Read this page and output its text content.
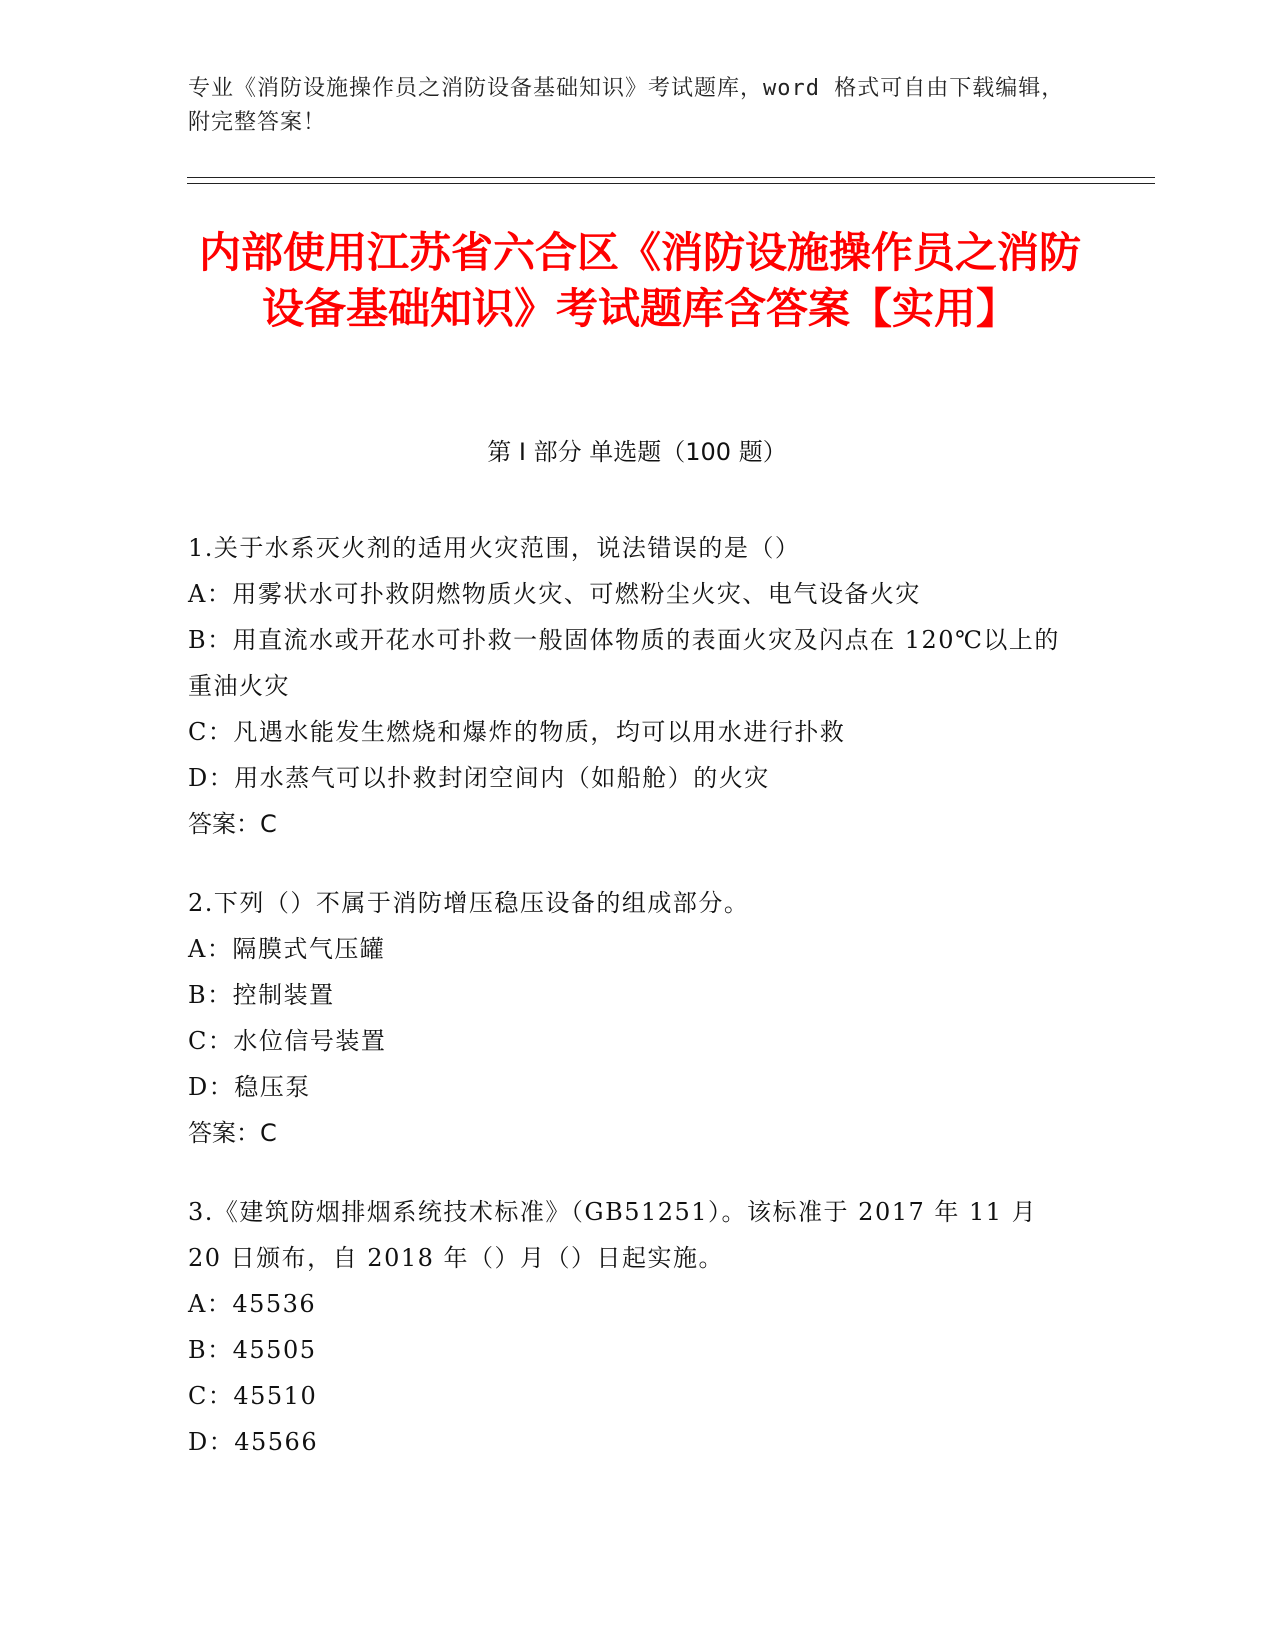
专业《消防设施操作员之消防设备基础知识》考试题库，word 格式可自由下载编辑，附完整答案！
内部使用江苏省六合区《消防设施操作员之消防设备基础知识》考试题库含答案【实用】
第 I 部分 单选题（100 题）
1.关于水系灭火剂的适用火灾范围，说法错误的是（）
A：用雾状水可扑救阴燃物质火灾、可燃粉尘火灾、电气设备火灾
B：用直流水或开花水可扑救一般固体物质的表面火灾及闪点在 120℃以上的重油火灾
C：凡遇水能发生燃烧和爆炸的物质，均可以用水进行扑救
D：用水蒸气可以扑救封闭空间内（如船舱）的火灾
答案：C
2.下列（）不属于消防增压稳压设备的组成部分。
A：隔膜式气压罐
B：控制装置
C：水位信号装置
D：稳压泵
答案：C
3.《建筑防烟排烟系统技术标准》（GB51251）。该标准于 2017 年 11 月 20 日颁布，自 2018 年（）月（）日起实施。
A：45536
B：45505
C：45510
D：45566
